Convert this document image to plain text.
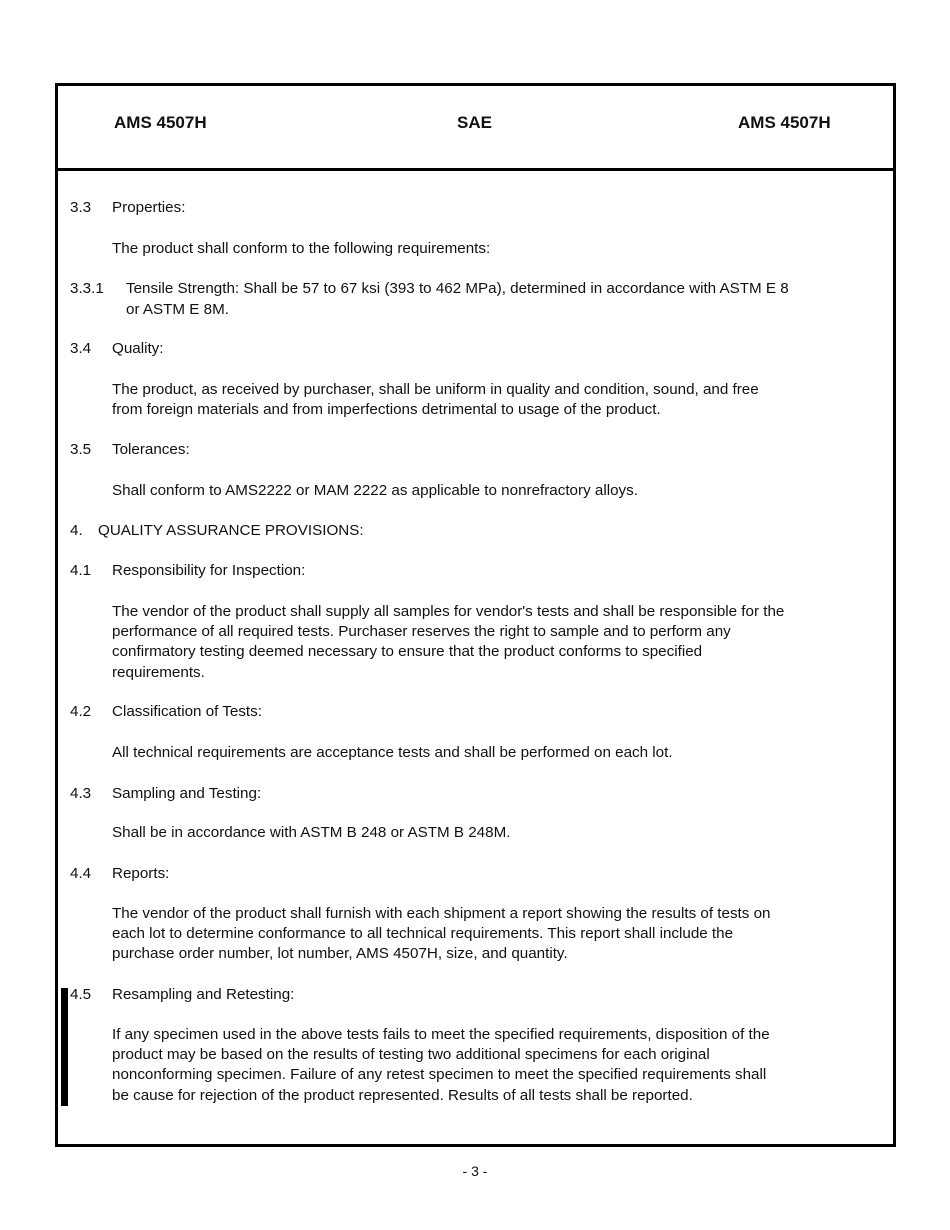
AMS 4507H	SAE	AMS 4507H
3.3 Properties:
The product shall conform to the following requirements:
3.3.1 Tensile Strength: Shall be 57 to 67 ksi (393 to 462 MPa), determined in accordance with ASTM E 8
or ASTM E 8M.
3.4 Quality:
The product, as received by purchaser, shall be uniform in quality and condition, sound, and free
from foreign materials and from imperfections detrimental to usage of the product.
3.5 Tolerances:
Shall conform to AMS2222 or MAM 2222 as applicable to nonrefractory alloys.
4. QUALITY ASSURANCE PROVISIONS:
4.1 Responsibility for Inspection:
The vendor of the product shall supply all samples for vendor's tests and shall be responsible for the
performance of all required tests. Purchaser reserves the right to sample and to perform any
confirmatory testing deemed necessary to ensure that the product conforms to specified
requirements.
4.2 Classification of Tests:
All technical requirements are acceptance tests and shall be performed on each lot.
4.3 Sampling and Testing:
Shall be in accordance with ASTM B 248 or ASTM B 248M.
4.4 Reports:
The vendor of the product shall furnish with each shipment a report showing the results of tests on
each lot to determine conformance to all technical requirements. This report shall include the
purchase order number, lot number, AMS 4507H, size, and quantity.
4.5 Resampling and Retesting:
If any specimen used in the above tests fails to meet the specified requirements, disposition of the
product may be based on the results of testing two additional specimens for each original
nonconforming specimen. Failure of any retest specimen to meet the specified requirements shall
be cause for rejection of the product represented. Results of all tests shall be reported.
- 3 -
